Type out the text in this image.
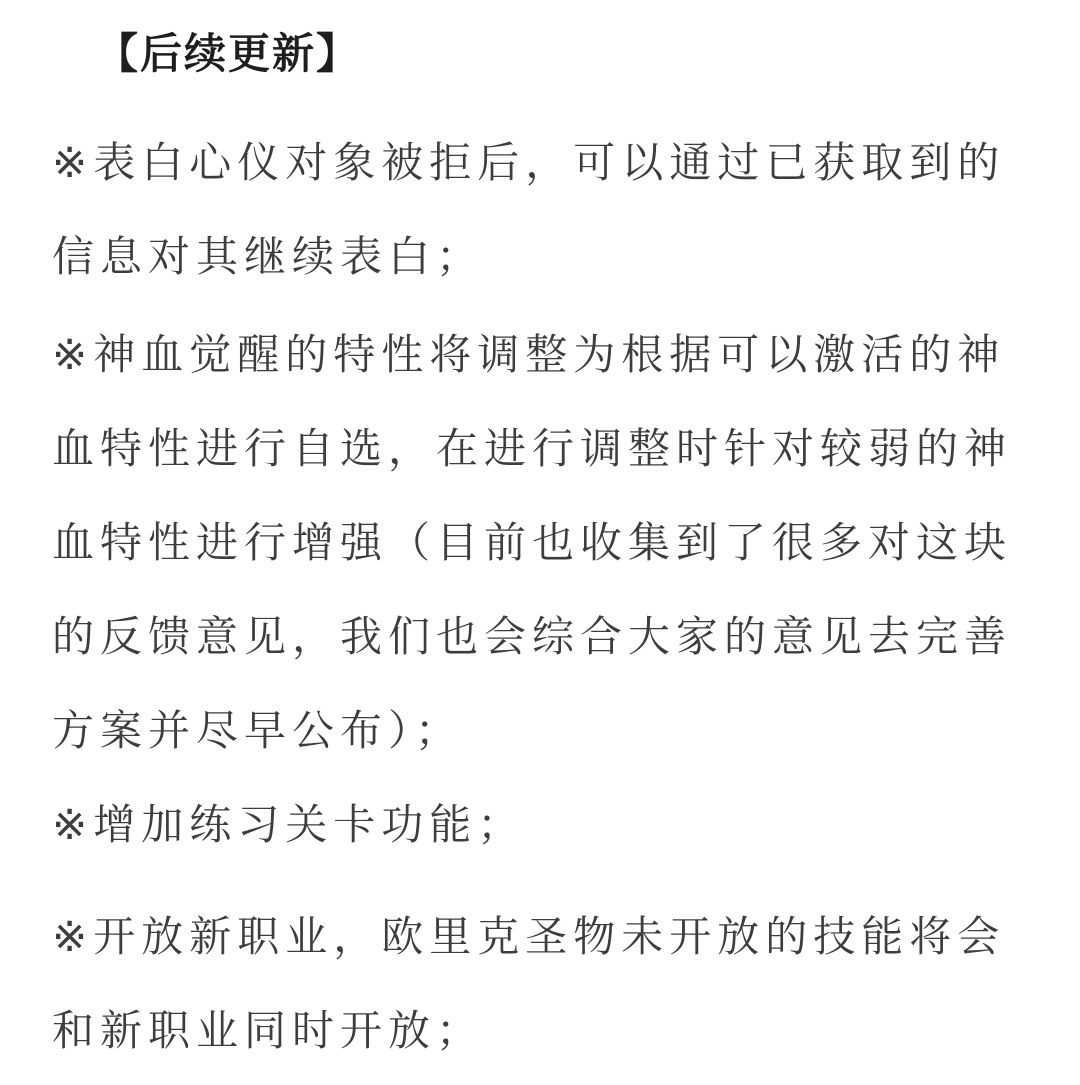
【后续更新】
※表白心仪对象被拒后，可以通过已获取到的信息对其继续表白；
※神血觉醒的特性将调整为根据可以激活的神血特性进行自选，在进行调整时针对较弱的神血特性进行增强（目前也收集到了很多对这块的反馈意见，我们也会综合大家的意见去完善方案并尽早公布）；
※增加练习关卡功能；
※开放新职业，欧里克圣物未开放的技能将会和新职业同时开放；
